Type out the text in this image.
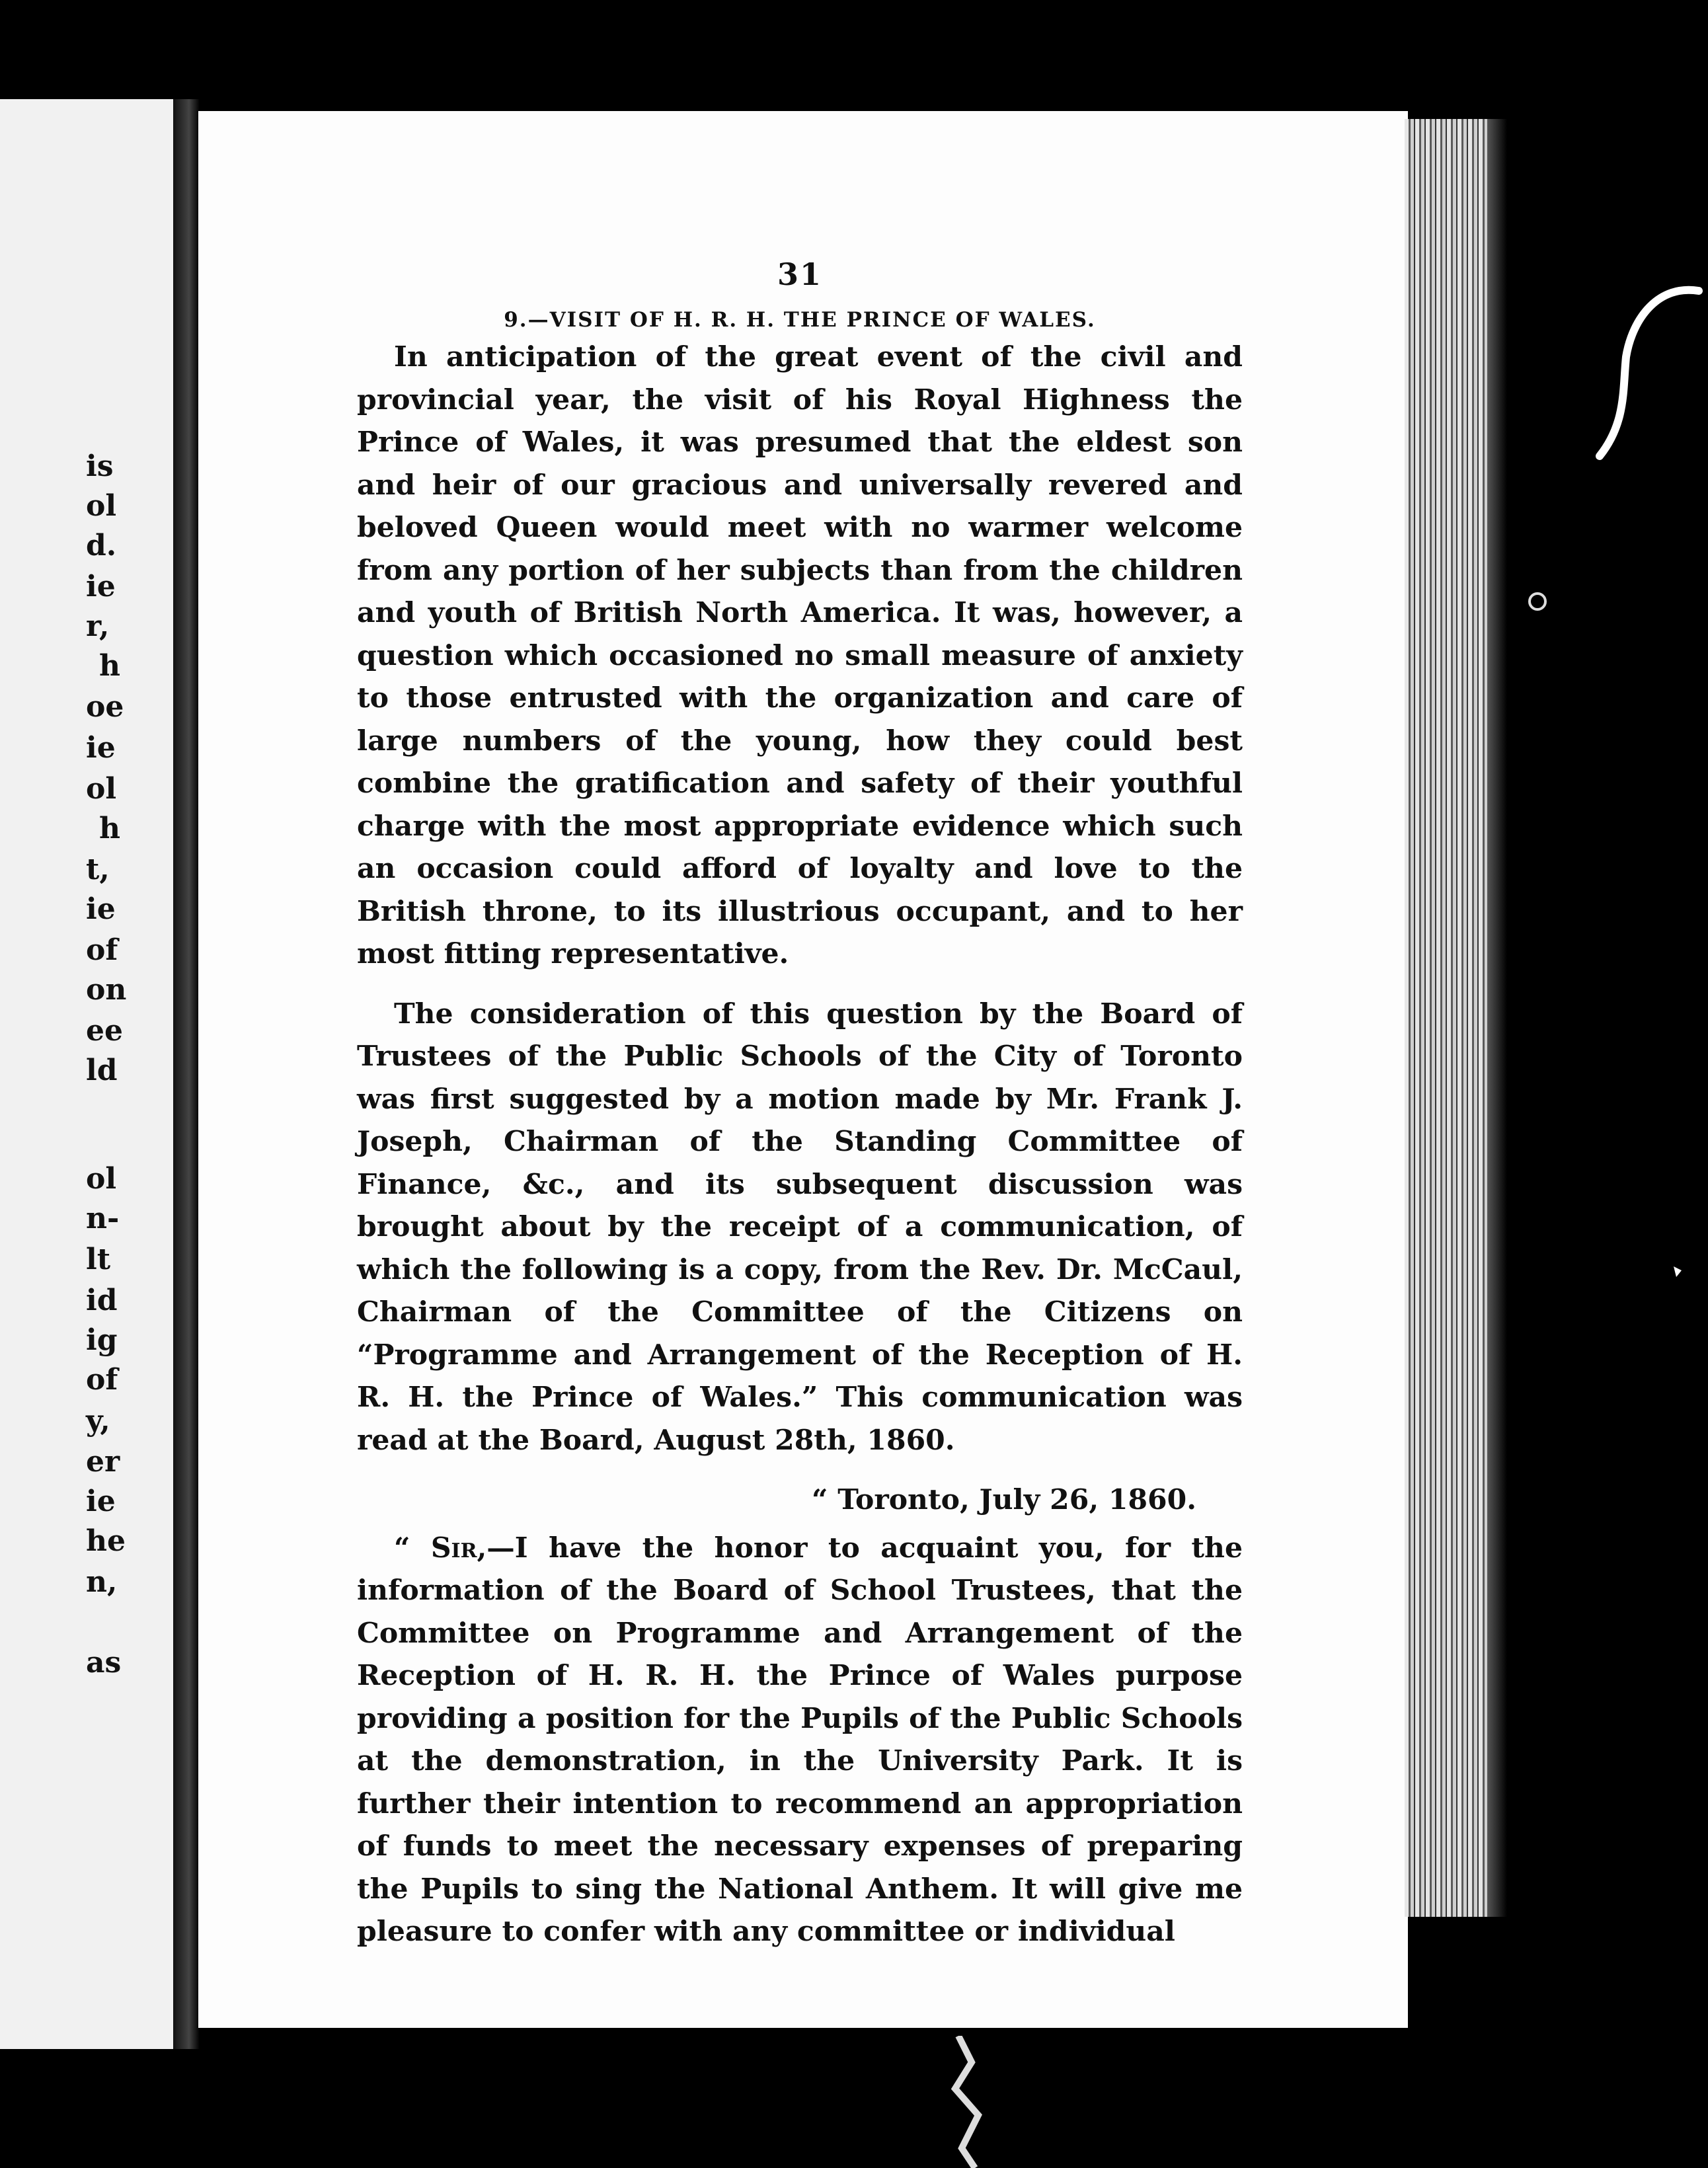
is
ol
d.
ie
r,
h
oe
ie
ol
h
t,
ie
of
on
ee
ld
ol
n-
lt
id
ig
of
y,
er
ie
he
n,
as
31
9.—VISIT OF H. R. H. THE PRINCE OF WALES.

In anticipation of the great event of the civil and provincial year, the visit of his Royal Highness the Prince of Wales, it was presumed that the eldest son and heir of our gracious and universally revered and beloved Queen would meet with no warmer welcome from any portion of her subjects than from the children and youth of British North America. It was, however, a question which occasioned no small measure of anxiety to those entrusted with the organization and care of large numbers of the young, how they could best combine the gratification and safety of their youthful charge with the most appropriate evidence which such an occasion could afford of loyalty and love to the British throne, to its illustrious occupant, and to her most fitting representative.

The consideration of this question by the Board of Trustees of the Public Schools of the City of Toronto was first suggested by a motion made by Mr. Frank J. Joseph, Chairman of the Standing Committee of Finance, &c., and its subsequent discussion was brought about by the receipt of a communication, of which the following is a copy, from the Rev. Dr. McCaul, Chairman of the Committee of the Citizens on “Programme and Arrangement of the Reception of H. R. H. the Prince of Wales.” This communication was read at the Board, August 28th, 1860.

“ Toronto, July 26, 1860.

“ Sir,—I have the honor to acquaint you, for the information of the Board of School Trustees, that the Committee on Programme and Arrangement of the Reception of H. R. H. the Prince of Wales purpose providing a position for the Pupils of the Public Schools at the demonstration, in the University Park. It is further their intention to recommend an appropriation of funds to meet the necessary expenses of preparing the Pupils to sing the National Anthem. It will give me pleasure to confer with any committee or individual
